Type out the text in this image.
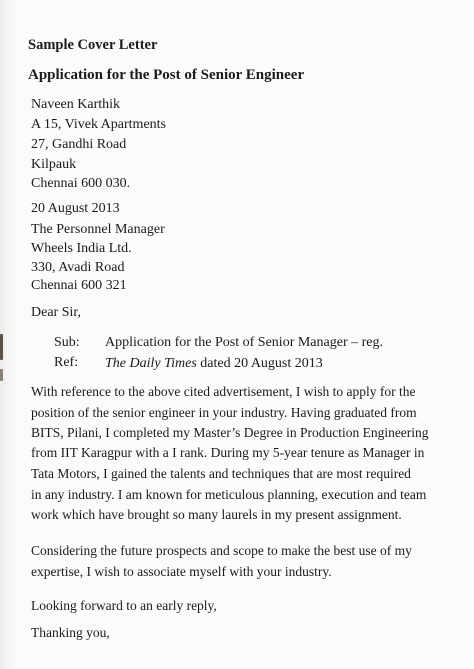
Sample Cover Letter
Application for the Post of Senior Engineer
Naveen Karthik
A 15, Vivek Apartments
27, Gandhi Road
Kilpauk
Chennai 600 030.
20 August 2013
The Personnel Manager
Wheels India Ltd.
330, Avadi Road
Chennai 600 321
Dear Sir,
Sub: Application for the Post of Senior Manager – reg.
Ref: The Daily Times dated 20 August 2013
With reference to the above cited advertisement, I wish to apply for the
position of the senior engineer in your industry. Having graduated from
BITS, Pilani, I completed my Master’s Degree in Production Engineering
from IIT Karagpur with a I rank. During my 5-year tenure as Manager in
Tata Motors, I gained the talents and techniques that are most required
in any industry. I am known for meticulous planning, execution and team
work which have brought so many laurels in my present assignment.
Considering the future prospects and scope to make the best use of my
expertise, I wish to associate myself with your industry.
Looking forward to an early reply,
Thanking you,
